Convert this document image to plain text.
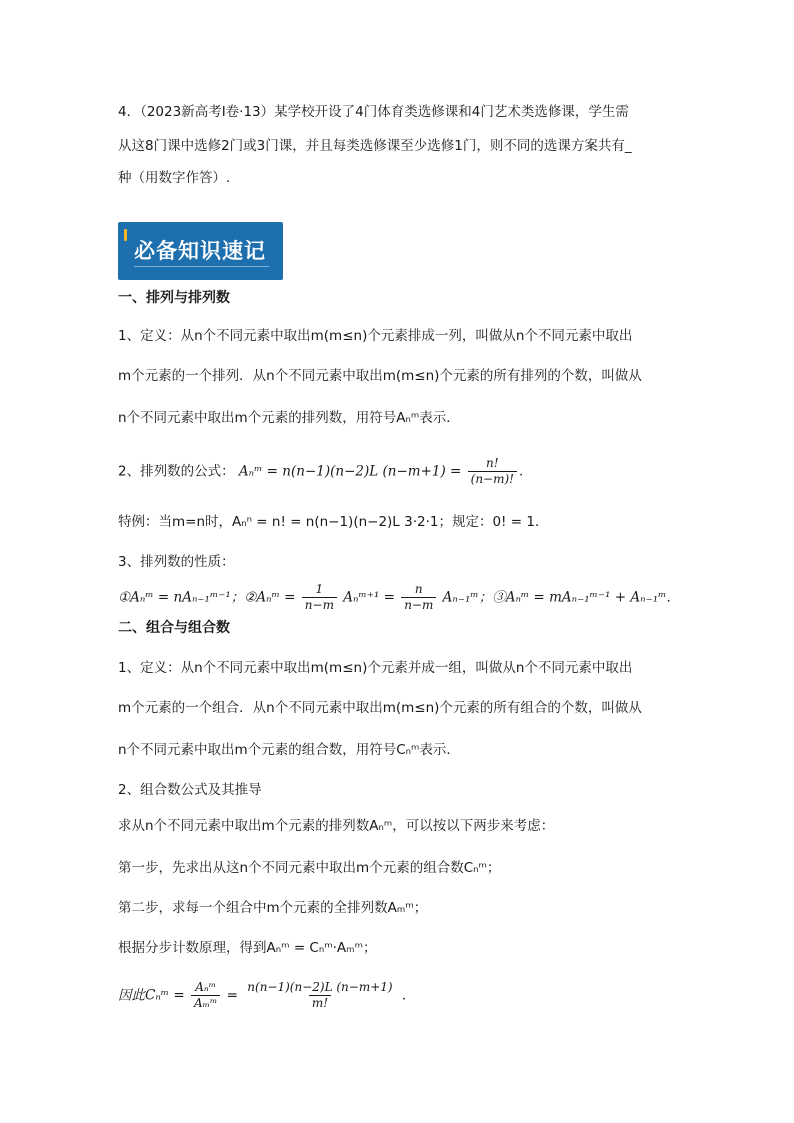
4．（2023新高考Ⅰ卷·13）某学校开设了4门体育类选修课和4门艺术类选修课，学生需
从这8门课中选修2门或3门课，并且每类选修课至少选修1门，则不同的选课方案共有_
种（用数字作答）.
必备知识速记
一、排列与排列数
1、定义：从n个不同元素中取出m(m≤n)个元素排成一列，叫做从n个不同元素中取出
m个元素的一个排列．从n个不同元素中取出m(m≤n)个元素的所有排列的个数，叫做从
n个不同元素中取出m个元素的排列数，用符号Aₙᵐ表示．
2、排列数的公式： Aₙᵐ = n(n−1)(n−2)L $(n-m+1) = \frac{n!}{(n-m)!}$ .
特例：当m=n时，Aₙⁿ = n! = n(n−1)(n−2)L 3·2·1；规定：0! = 1．
3、排列数的性质：
①Aₙᵐ = nAₙ₋₁ᵐ⁻¹；②Aₙᵐ = $\frac{1}{n-m}$ Aₙᵐ⁺¹ = $\frac{n}{n-m}$ Aₙ₋₁ᵐ；③Aₙᵐ = mAₙ₋₁ᵐ⁻¹ + Aₙ₋₁ᵐ．
二、组合与组合数
1、定义：从n个不同元素中取出m(m≤n)个元素并成一组，叫做从n个不同元素中取出
m个元素的一个组合．从n个不同元素中取出m(m≤n)个元素的所有组合的个数，叫做从
n个不同元素中取出m个元素的组合数，用符号Cₙᵐ表示．
2、组合数公式及其推导
求从n个不同元素中取出m个元素的排列数Aₙᵐ，可以按以下两步来考虑：
第一步，先求出从这n个不同元素中取出m个元素的组合数Cₙᵐ；
第二步，求每一个组合中m个元素的全排列数Aₘᵐ；
根据分步计数原理，得到Aₙᵐ = Cₙᵐ·Aₘᵐ；
因此Cₙᵐ = $\frac{\text{Aₙᵐ}}{\text{Aₘᵐ}} = \frac{n(n-1)(n-2)L (n-m+1)}{m!}$ ．
